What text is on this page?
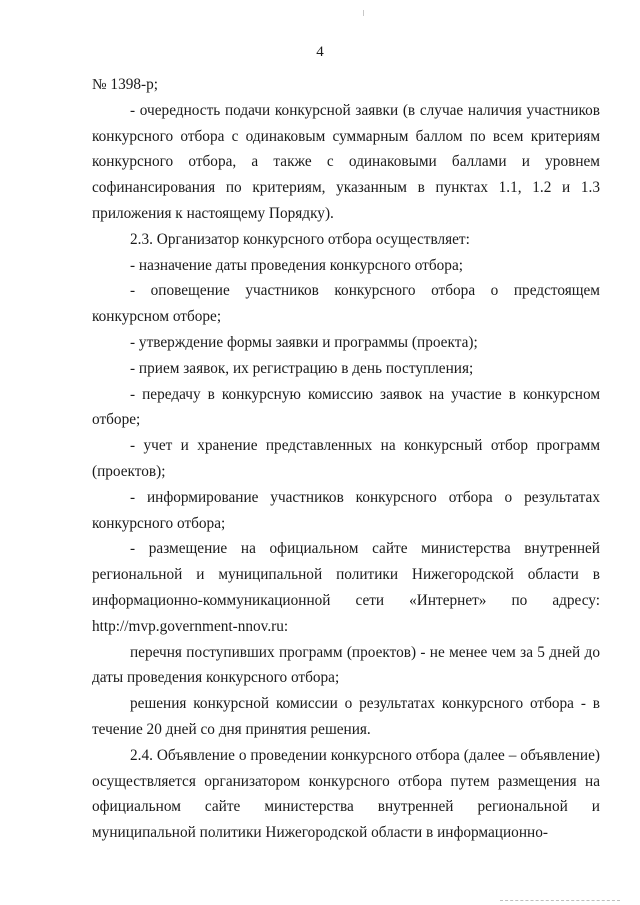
4

№ 1398-р;

- очередность подачи конкурсной заявки (в случае наличия участников конкурсного отбора с одинаковым суммарным баллом по всем критериям конкурсного отбора, а также с одинаковыми баллами и уровнем софинансирования по критериям, указанным в пунктах 1.1, 1.2 и 1.3 приложения к настоящему Порядку).

2.3. Организатор конкурсного отбора осуществляет:

- назначение даты проведения конкурсного отбора;

- оповещение участников конкурсного отбора о предстоящем конкурсном отборе;

- утверждение формы заявки и программы (проекта);

- прием заявок, их регистрацию в день поступления;

- передачу в конкурсную комиссию заявок на участие в конкурсном отборе;

- учет и хранение представленных на конкурсный отбор программ (проектов);

- информирование участников конкурсного отбора о результатах конкурсного отбора;

- размещение на официальном сайте министерства внутренней региональной и муниципальной политики Нижегородской области в информационно-коммуникационной сети «Интернет» по адресу: http://mvp.government-nnov.ru:

перечня поступивших программ (проектов) - не менее чем за 5 дней до даты проведения конкурсного отбора;

решения конкурсной комиссии о результатах конкурсного отбора - в течение 20 дней со дня принятия решения.

2.4. Объявление о проведении конкурсного отбора (далее – объявление) осуществляется организатором конкурсного отбора путем размещения на официальном сайте министерства внутренней региональной и муниципальной политики Нижегородской области в информационно-
